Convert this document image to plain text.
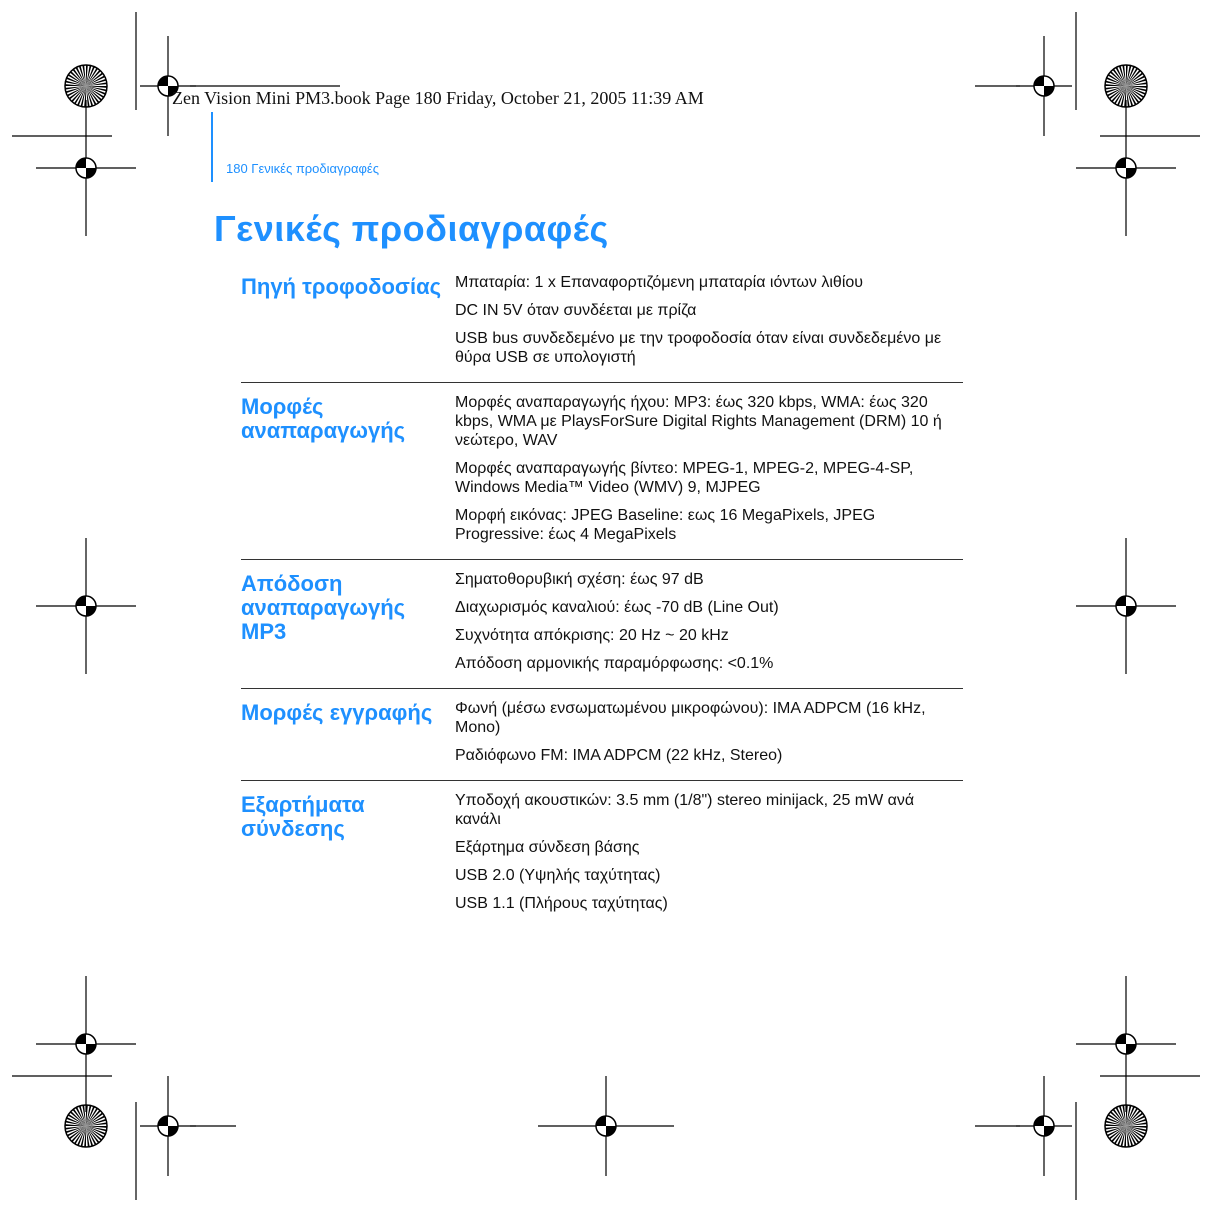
Zen Vision Mini PM3.book Page 180 Friday, October 21, 2005 11:39 AM
180 Γενικές προδιαγραφές
Γενικές προδιαγραφές
Πηγή τροφοδοσίας Μπαταρία: 1 x Επαναφορτιζόμενη μπαταρία ιόντων λιθίου
DC IN 5V όταν συνδέεται με πρίζα
USB bus συνδεδεμένο με την τροφοδοσία όταν είναι συνδεδεμένο με θύρα USB σε υπολογιστή
Μορφές αναπαραγωγής
Μορφές αναπαραγωγής ήχου: MP3: έως 320 kbps, WMA: έως 320 kbps, WMA με PlaysForSure Digital Rights Management (DRM) 10 ή νεώτερο, WAV
Μορφές αναπαραγωγής βίντεο: MPEG-1, MPEG-2, MPEG-4-SP, Windows Media™ Video (WMV) 9, MJPEG
Μορφή εικόνας: JPEG Baseline: εως 16 MegaPixels, JPEG Progressive: έως 4 MegaPixels
Απόδοση αναπαραγωγής MP3
Σηματοθορυβική σχέση: έως 97 dB
Διαχωρισμός καναλιού: έως -70 dB (Line Out)
Συχνότητα απόκρισης: 20 Hz ~ 20 kHz
Απόδοση αρμονικής παραμόρφωσης: <0.1%
Μορφές εγγραφής	Φωνή (μέσω ενσωματωμένου μικροφώνου): IMA ADPCM (16 kHz, Mono)
Ραδιόφωνο FM: IMA ADPCM (22 kHz, Stereo)
Εξαρτήματα σύνδεσης
Υποδοχή ακουστικών: 3.5 mm (1/8") stereo minijack, 25 mW ανά κανάλι
Εξάρτημα σύνδεση βάσης
USB 2.0 (Υψηλής ταχύτητας)
USB 1.1 (Πλήρους ταχύτητας)
